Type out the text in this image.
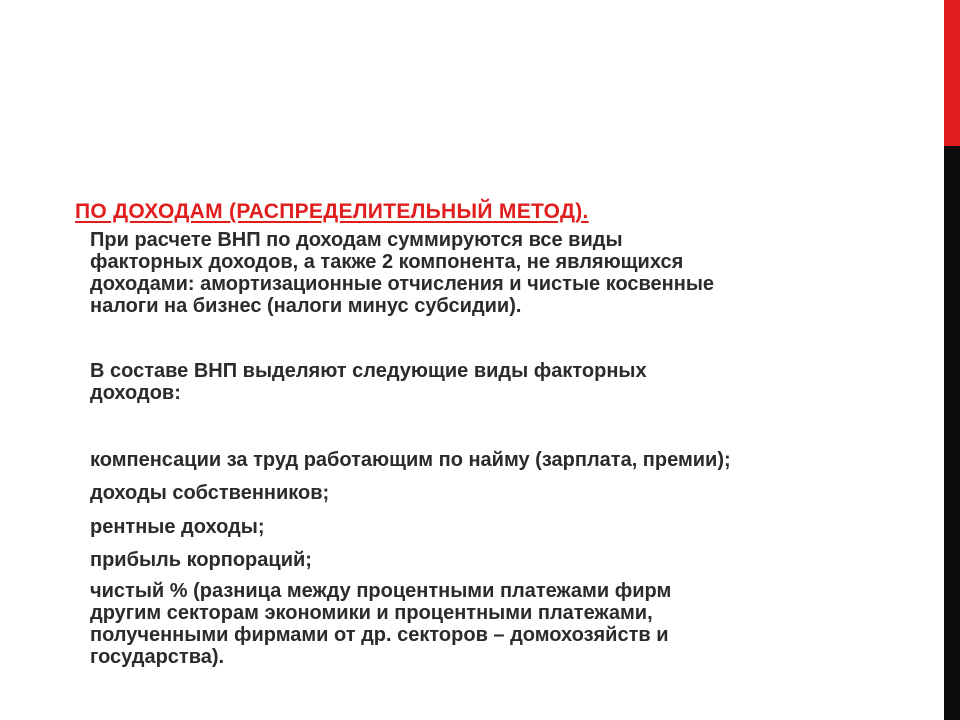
ПО ДОХОДАМ (РАСПРЕДЕЛИТЕЛЬНЫЙ МЕТОД).

При расчете ВНП по доходам суммируются все виды
факторных доходов, а также 2 компонента, не являющихся
доходами: амортизационные отчисления и чистые косвенные
налоги на бизнес (налоги минус субсидии).

В составе ВНП выделяют следующие виды факторных
доходов:

компенсации за труд работающим по найму (зарплата, премии);

доходы собственников;

рентные доходы;

прибыль корпораций;

чистый % (разница между процентными платежами фирм
другим секторам экономики и процентными платежами,
полученными фирмами от др. секторов – домохозяйств и
государства).
